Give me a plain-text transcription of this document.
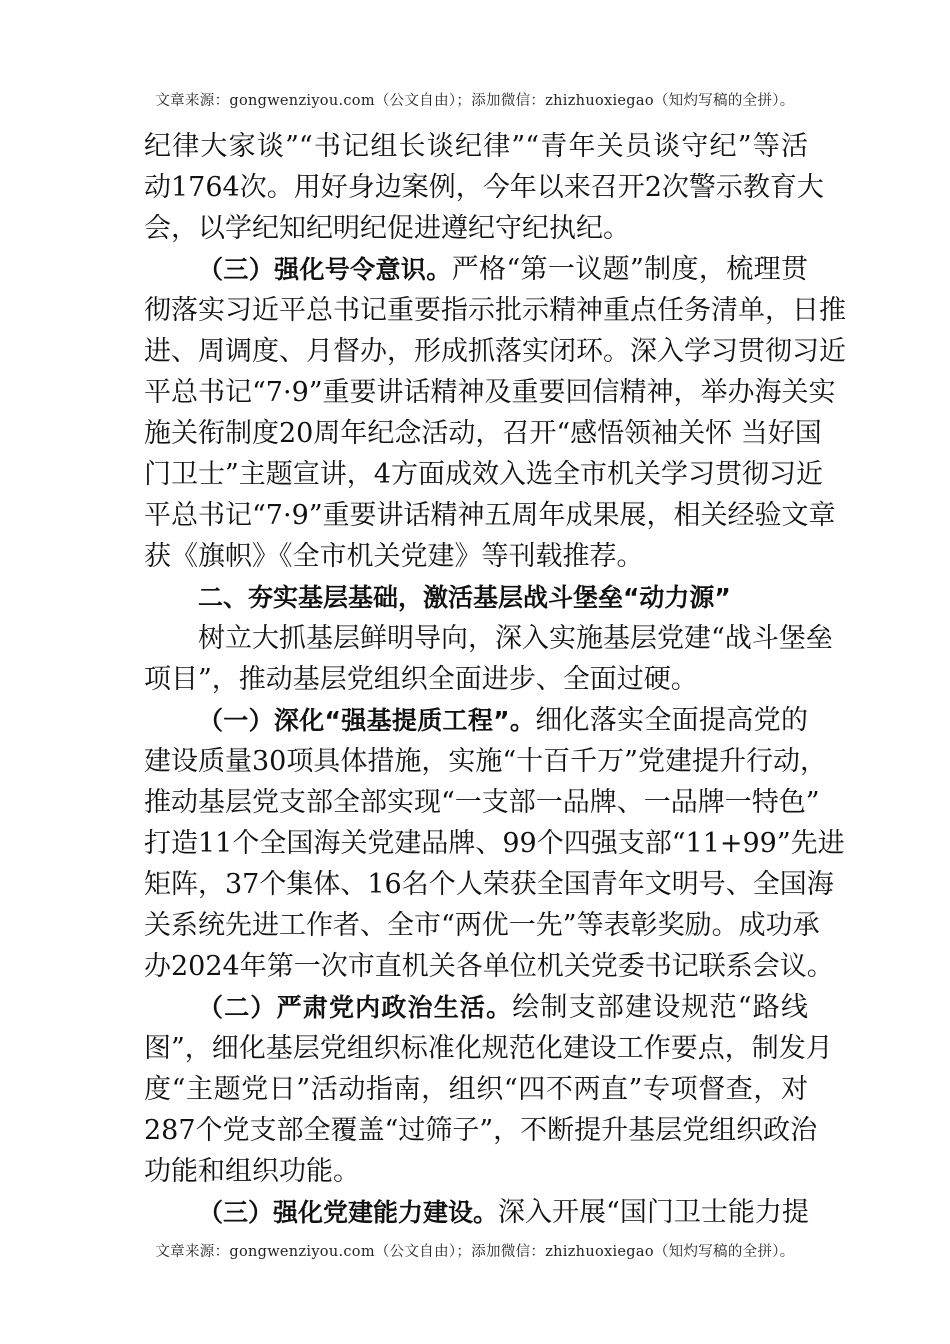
文章来源：gongwenziyou.com（公文自由）；添加微信：zhizhuoxiegao（知灼写稿的全拼）。
纪律大家谈”“书记组长谈纪律”“青年关员谈守纪”等活
动1764次。用好身边案例，今年以来召开2次警示教育大
会，以学纪知纪明纪促进遵纪守纪执纪。
（三）强化号令意识。严格“第一议题”制度，梳理贯
彻落实习近平总书记重要指示批示精神重点任务清单，日推
进、周调度、月督办，形成抓落实闭环。深入学习贯彻习近
平总书记“7·9”重要讲话精神及重要回信精神，举办海关实
施关衔制度20周年纪念活动，召开“感悟领袖关怀 当好国
门卫士”主题宣讲，4方面成效入选全市机关学习贯彻习近
平总书记“7·9”重要讲话精神五周年成果展，相关经验文章
获《旗帜》《全市机关党建》等刊载推荐。
二、夯实基层基础，激活基层战斗堡垒“动力源”
树立大抓基层鲜明导向，深入实施基层党建“战斗堡垒
项目”，推动基层党组织全面进步、全面过硬。
（一）深化“强基提质工程”。细化落实全面提高党的
建设质量30项具体措施，实施“十百千万”党建提升行动，
推动基层党支部全部实现“一支部一品牌、一品牌一特色”
打造11个全国海关党建品牌、99个四强支部“11+99”先进
矩阵，37个集体、16名个人荣获全国青年文明号、全国海
关系统先进工作者、全市“两优一先”等表彰奖励。成功承
办2024年第一次市直机关各单位机关党委书记联系会议。
（二）严肃党内政治生活。绘制支部建设规范“路线
图”，细化基层党组织标准化规范化建设工作要点，制发月
度“主题党日”活动指南，组织“四不两直”专项督查，对
287个党支部全覆盖“过筛子”，不断提升基层党组织政治
功能和组织功能。
（三）强化党建能力建设。深入开展“国门卫士能力提
文章来源：gongwenziyou.com（公文自由）；添加微信：zhizhuoxiegao（知灼写稿的全拼）。
